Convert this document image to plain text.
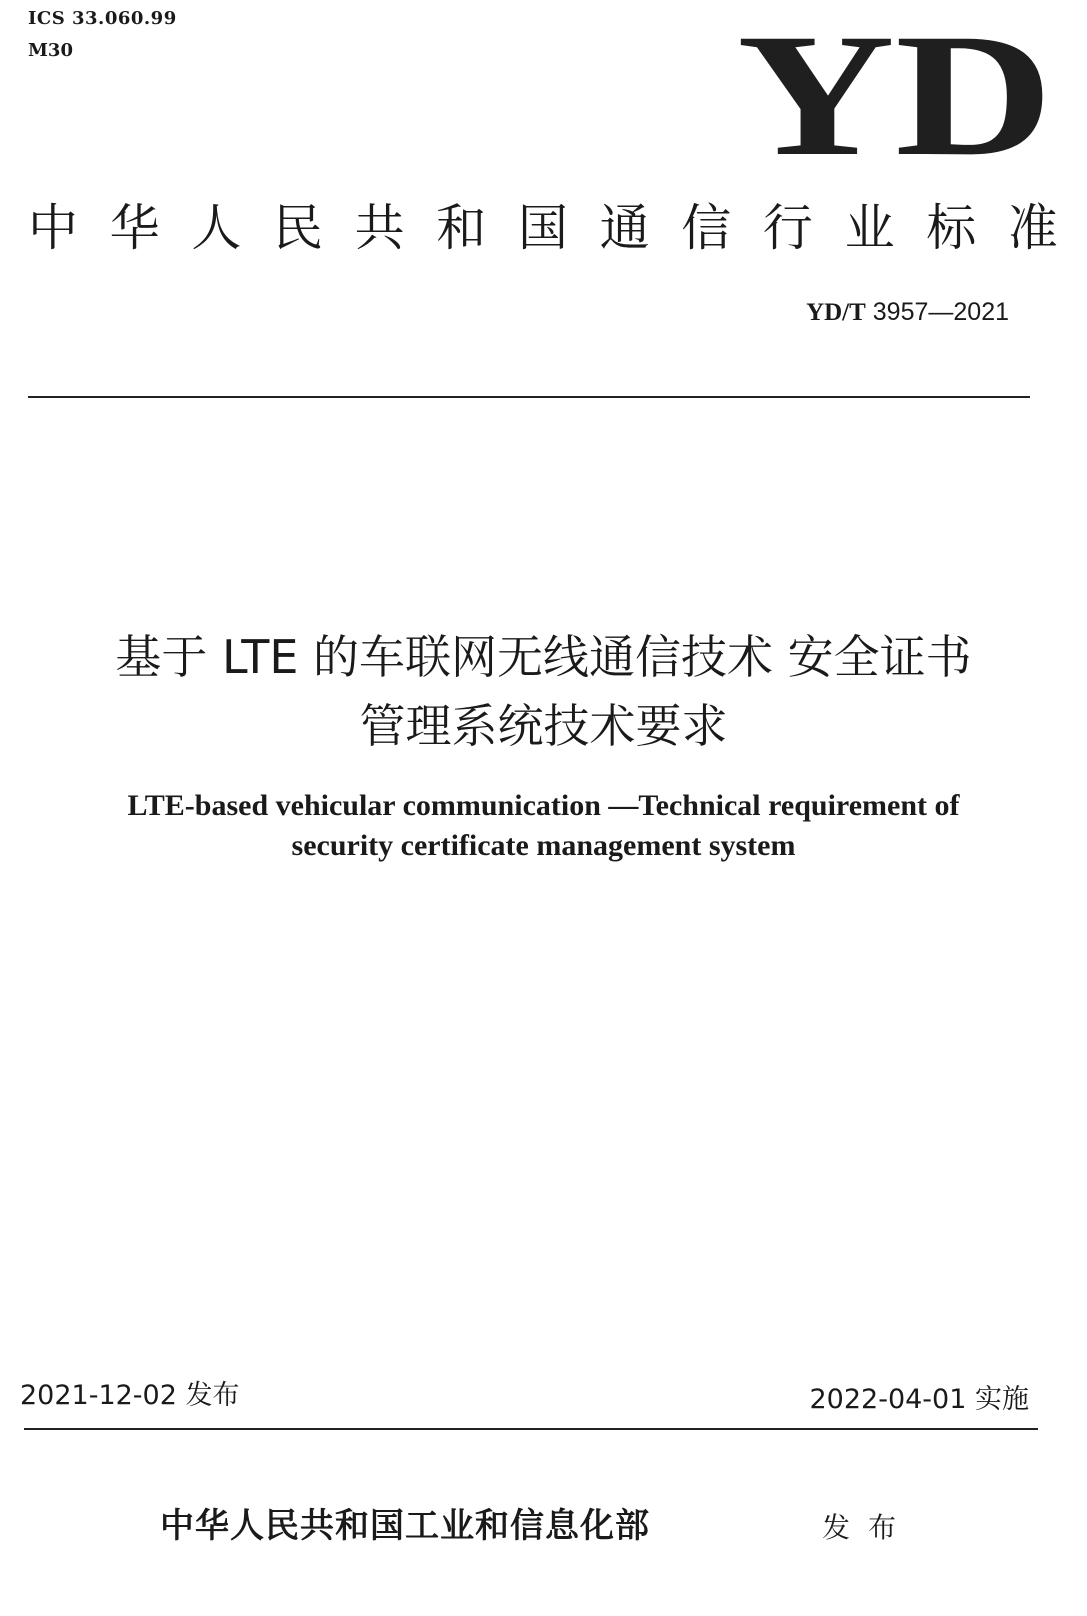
ICS 33.060.99
M30	YD
中 华 人 民 共 和 国 通 信 行 业 标 准
YD/T 3957—2021
基于 LTE 的车联网无线通信技术 安全证书
管理系统技术要求
LTE-based vehicular communication —Technical requirement of
security certificate management system
2021-12-02 发布	2022-04-01 实施
中华人民共和国工业和信息化部	发布
